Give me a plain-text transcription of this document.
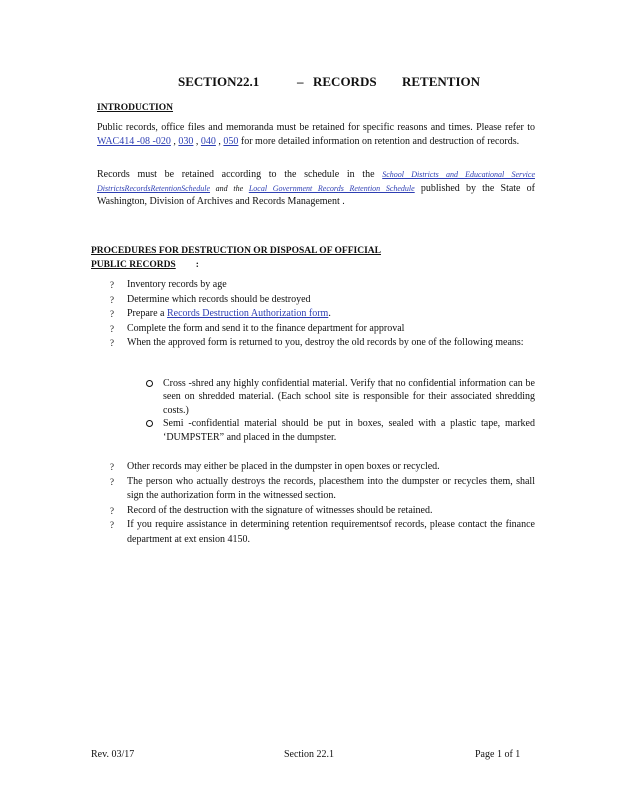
SECTION22.1	– RECORDS RETENTION
INTRODUCTION
Public records, office files and memoranda must be retained for specific reasons and times. Please refer to WAC414 -08 -020 , 030 , 040 , 050 for more detailed information on retention and destruction of records.
Records must be retained according to the schedule in the School Districts and Educational Service DistrictsRecordsRetentionSchedule and the Local Government Records Retention Schedule published by the State of Washington, Division of Archives and Records Management .
PROCEDURES FOR DESTRUCTION OR DISPOSAL OF OFFICIAL
PUBLIC RECORDS :
? Inventory records by age
? Determine which records should be destroyed
? Prepare a Records Destruction Authorization form.
? Complete the form and send it to the finance department for approval
? When the approved form is returned to you, destroy the old records by one of the following means:
Cross -shred any highly confidential material. Verify that no confidential information can be seen on shredded material. (Each school site is responsible for their associated shredding costs.)
Semi -confidential material should be put in boxes, sealed with a plastic tape, marked ‘DUMPSTER” and placed in the dumpster.
? Other records may either be placed in the dumpster in open boxes or recycled.
? The person who actually destroys the records, placesthem into the dumpster or recycles them, shall sign the authorization form in the witnessed section.
? Record of the destruction with the signature of witnesses should be retained.
? If you require assistance in determining retention requirementsof records, please contact the finance department at ext ension 4150.
Rev. 03/17	Section 22.1	Page 1 of 1
